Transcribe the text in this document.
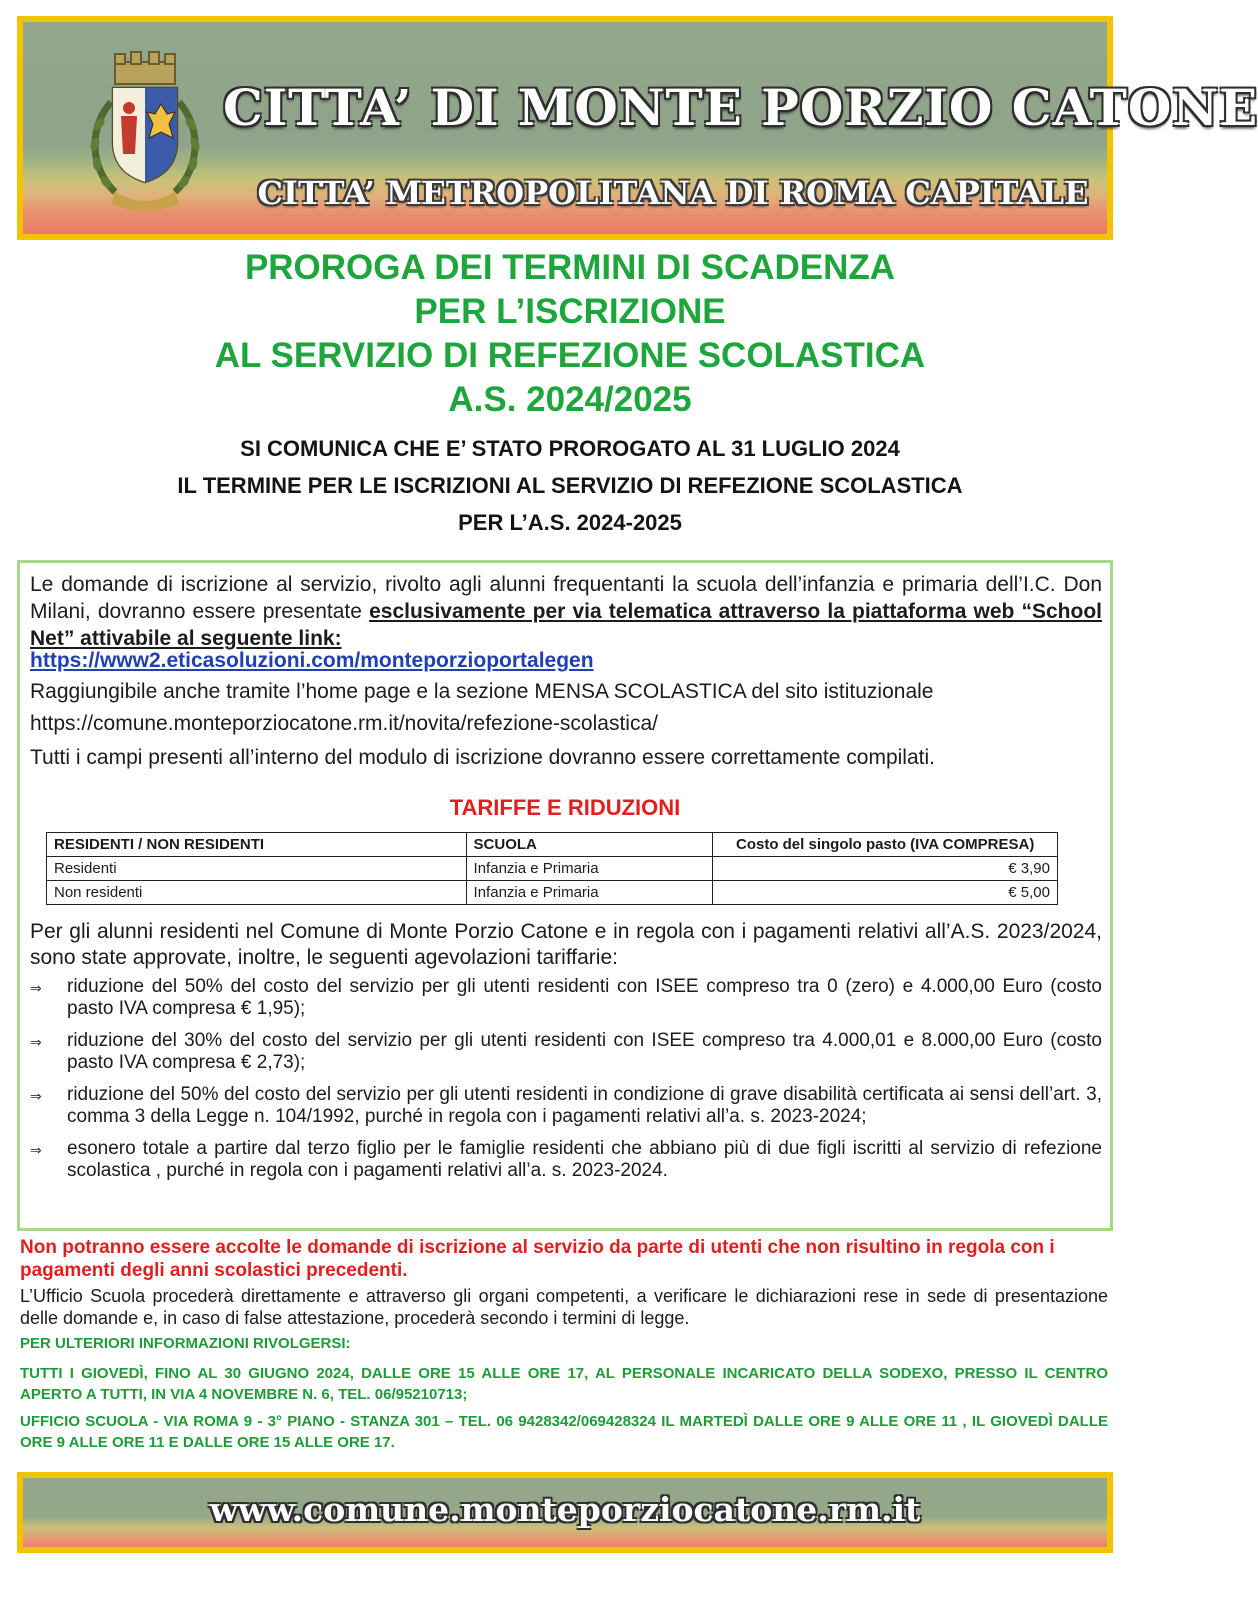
CITTA’ DI MONTE PORZIO CATONE
CITTA’ METROPOLITANA DI ROMA CAPITALE
PROROGA DEI TERMINI DI SCADENZA
PER L’ISCRIZIONE
AL SERVIZIO DI REFEZIONE SCOLASTICA
A.S. 2024/2025
SI COMUNICA CHE E’ STATO PROROGATO AL 31 LUGLIO 2024
IL TERMINE PER LE ISCRIZIONI AL SERVIZIO DI REFEZIONE SCOLASTICA
PER L’A.S. 2024-2025

Le domande di iscrizione al servizio, rivolto agli alunni frequentanti la scuola dell’infanzia e primaria dell’I.C. Don Milani, dovranno essere presentate esclusivamente per via telematica attraverso la piattaforma web “School Net” attivabile al seguente link:

https://www2.eticasoluzioni.com/monteporzioportalegen
Raggiungibile anche tramite l’home page e la sezione MENSA SCOLASTICA del sito istituzionale
https://comune.monteporziocatone.rm.it/novita/refezione-scolastica/
Tutti i campi presenti all’interno del modulo di iscrizione dovranno essere correttamente compilati.
TARIFFE E RIDUZIONI
RESIDENTI / NON RESIDENTI	SCUOLA	Costo del singolo pasto (IVA COMPRESA)
Residenti	Infanzia e Primaria	€ 3,90
Non residenti	Infanzia e Primaria	€ 5,00

Per gli alunni residenti nel Comune di Monte Porzio Catone e in regola con i pagamenti relativi all’A.S. 2023/2024, sono state approvate, inoltre, le seguenti agevolazioni tariffarie:

⇒ riduzione del 50% del costo del servizio per gli utenti residenti con ISEE compreso tra 0 (zero) e 4.000,00 Euro (costo pasto IVA compresa € 1,95);
⇒ riduzione del 30% del costo del servizio per gli utenti residenti con ISEE compreso tra 4.000,01 e 8.000,00 Euro (costo pasto IVA compresa € 2,73);
⇒ riduzione del 50% del costo del servizio per gli utenti residenti in condizione di grave disabilità certificata ai sensi dell’art. 3, comma 3 della Legge n. 104/1992, purché in regola con i pagamenti relativi all’a. s. 2023-2024;
⇒ esonero totale a partire dal terzo figlio per le famiglie residenti che abbiano più di due figli iscritti al servizio di refezione scolastica , purché in regola con i pagamenti relativi all’a. s. 2023-2024.

Non potranno essere accolte le domande di iscrizione al servizio da parte di utenti che non risultino in regola con i pagamenti degli anni scolastici precedenti.

L’Ufficio Scuola procederà direttamente e attraverso gli organi competenti, a verificare le dichiarazioni rese in sede di presentazione delle domande e, in caso di false attestazione, procederà secondo i termini di legge.

PER ULTERIORI INFORMAZIONI RIVOLGERSI:

TUTTI I GIOVEDÌ, FINO AL 30 GIUGNO 2024, DALLE ORE 15 ALLE ORE 17, AL PERSONALE INCARICATO DELLA SODEXO, PRESSO IL CENTRO APERTO A TUTTI, IN VIA 4 NOVEMBRE N. 6, TEL. 06/95210713;

UFFICIO SCUOLA - VIA ROMA 9 - 3° PIANO - STANZA 301 – TEL. 06 9428342/069428324 IL MARTEDÌ DALLE ORE 9 ALLE ORE 11 , IL GIOVEDÌ DALLE ORE 9 ALLE ORE 11 E DALLE ORE 15 ALLE ORE 17.

www.comune.monteporziocatone.rm.it
